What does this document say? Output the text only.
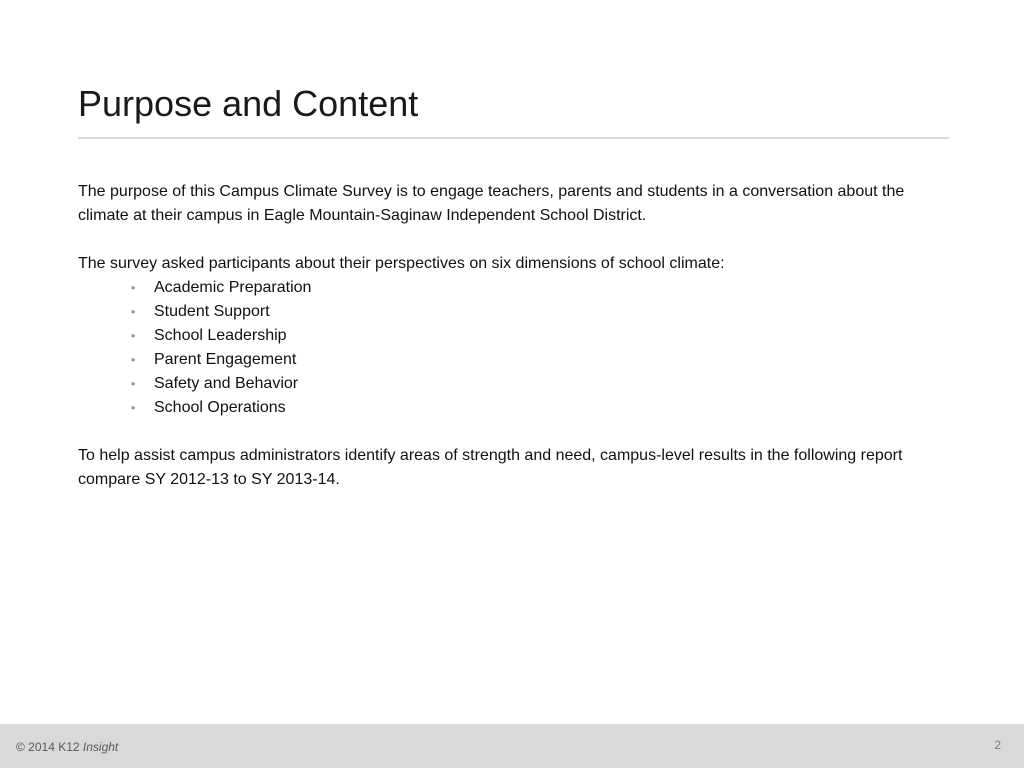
Purpose and Content

The purpose of this Campus Climate Survey is to engage teachers, parents and students in a conversation about the climate at their campus in Eagle Mountain-Saginaw Independent School District.

The survey asked participants about their perspectives on six dimensions of school climate:

• Academic Preparation
• Student Support
• School Leadership
• Parent Engagement
• Safety and Behavior
• School Operations

To help assist campus administrators identify areas of strength and need, campus-level results in the following report compare SY 2012-13 to SY 2013-14.

© 2014 K12 Insight	2
